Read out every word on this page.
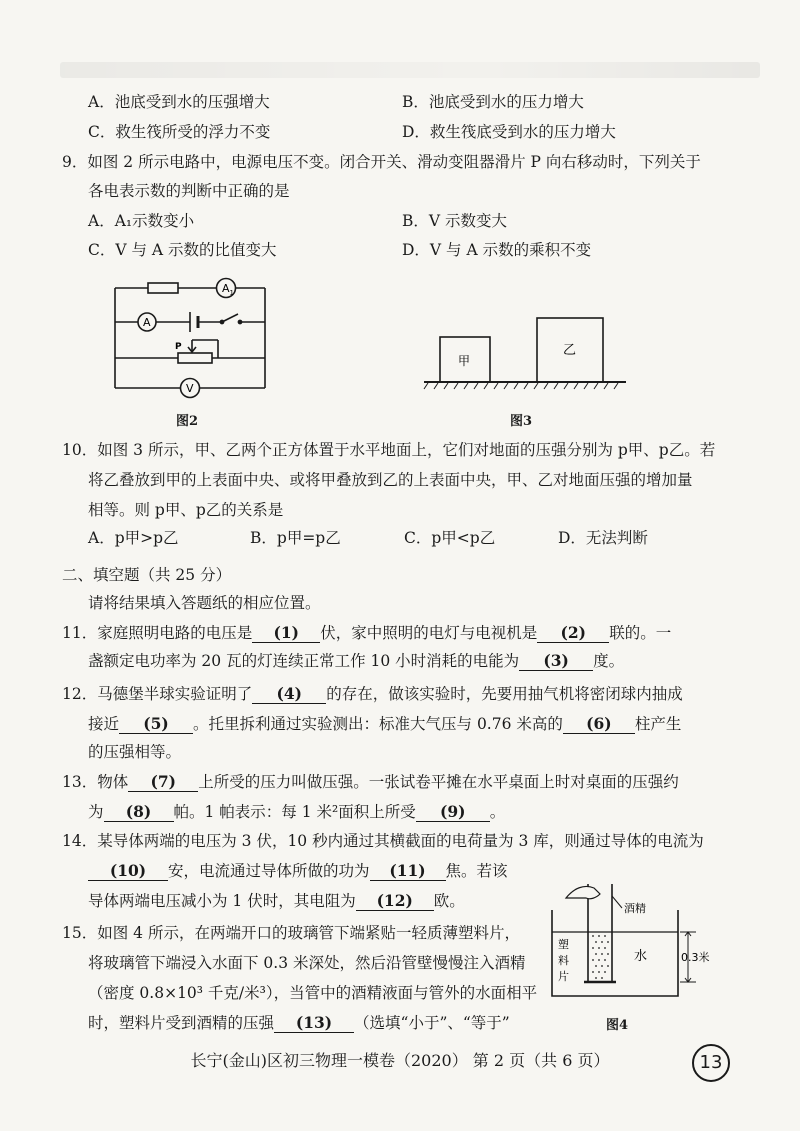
A．池底受到水的压强增大	B．池底受到水的压力增大
C．救生筏所受的浮力不变	D．救生筏底受到水的压力增大
9．如图 2 所示电路中，电源电压不变。闭合开关、滑动变阻器滑片 P 向右移动时，下列关于
各电表示数的判断中正确的是
A．A₁示数变小	B．V 示数变大
C．V 与 A 示数的比值变大	D．V 与 A 示数的乘积不变
$A_1$
A
P
V
图2
甲
乙
图3
10．如图 3 所示，甲、乙两个正方体置于水平地面上，它们对地面的压强分别为 p甲、p乙。若
将乙叠放到甲的上表面中央、或将甲叠放到乙的上表面中央，甲、乙对地面压强的增加量
相等。则 p甲、p乙的关系是
A．p甲>p乙	B．p甲=p乙	C．p甲<p乙	D．无法判断
二、填空题（共 25 分）
请将结果填入答题纸的相应位置。
11．家庭照明电路的电压是 (1) 伏，家中照明的电灯与电视机是 (2) 联的。一
盏额定电功率为 20 瓦的灯连续正常工作 10 小时消耗的电能为 (3) 度。
12．马德堡半球实验证明了 (4) 的存在，做该实验时，先要用抽气机将密闭球内抽成
接近 (5) 。托里拆利通过实验测出：标准大气压与 0.76 米高的 (6) 柱产生
的压强相等。
13．物体 (7) 上所受的压力叫做压强。一张试卷平摊在水平桌面上时对桌面的压强约
为 (8) 帕。1 帕表示：每 1 米²面积上所受 (9) 。
14．某导体两端的电压为 3 伏，10 秒内通过其横截面的电荷量为 3 库，则通过导体的电流为
(10) 安，电流通过导体所做的功为 (11) 焦。若该
导体两端电压减小为 1 伏时，其电阻为 (12) 欧。
15．如图 4 所示，在两端开口的玻璃管下端紧贴一轻质薄塑料片，
将玻璃管下端浸入水面下 0.3 米深处，然后沿管壁慢慢注入酒精
（密度 0.8×10³ 千克/米³），当管中的酒精液面与管外的水面相平
时，塑料片受到酒精的压强 (13) （选填“小于”、“等于”
酒精
水	0.3米
塑
料
片
图4
长宁(金山)区初三物理一模卷（2020） 第 2 页（共 6 页）	13
